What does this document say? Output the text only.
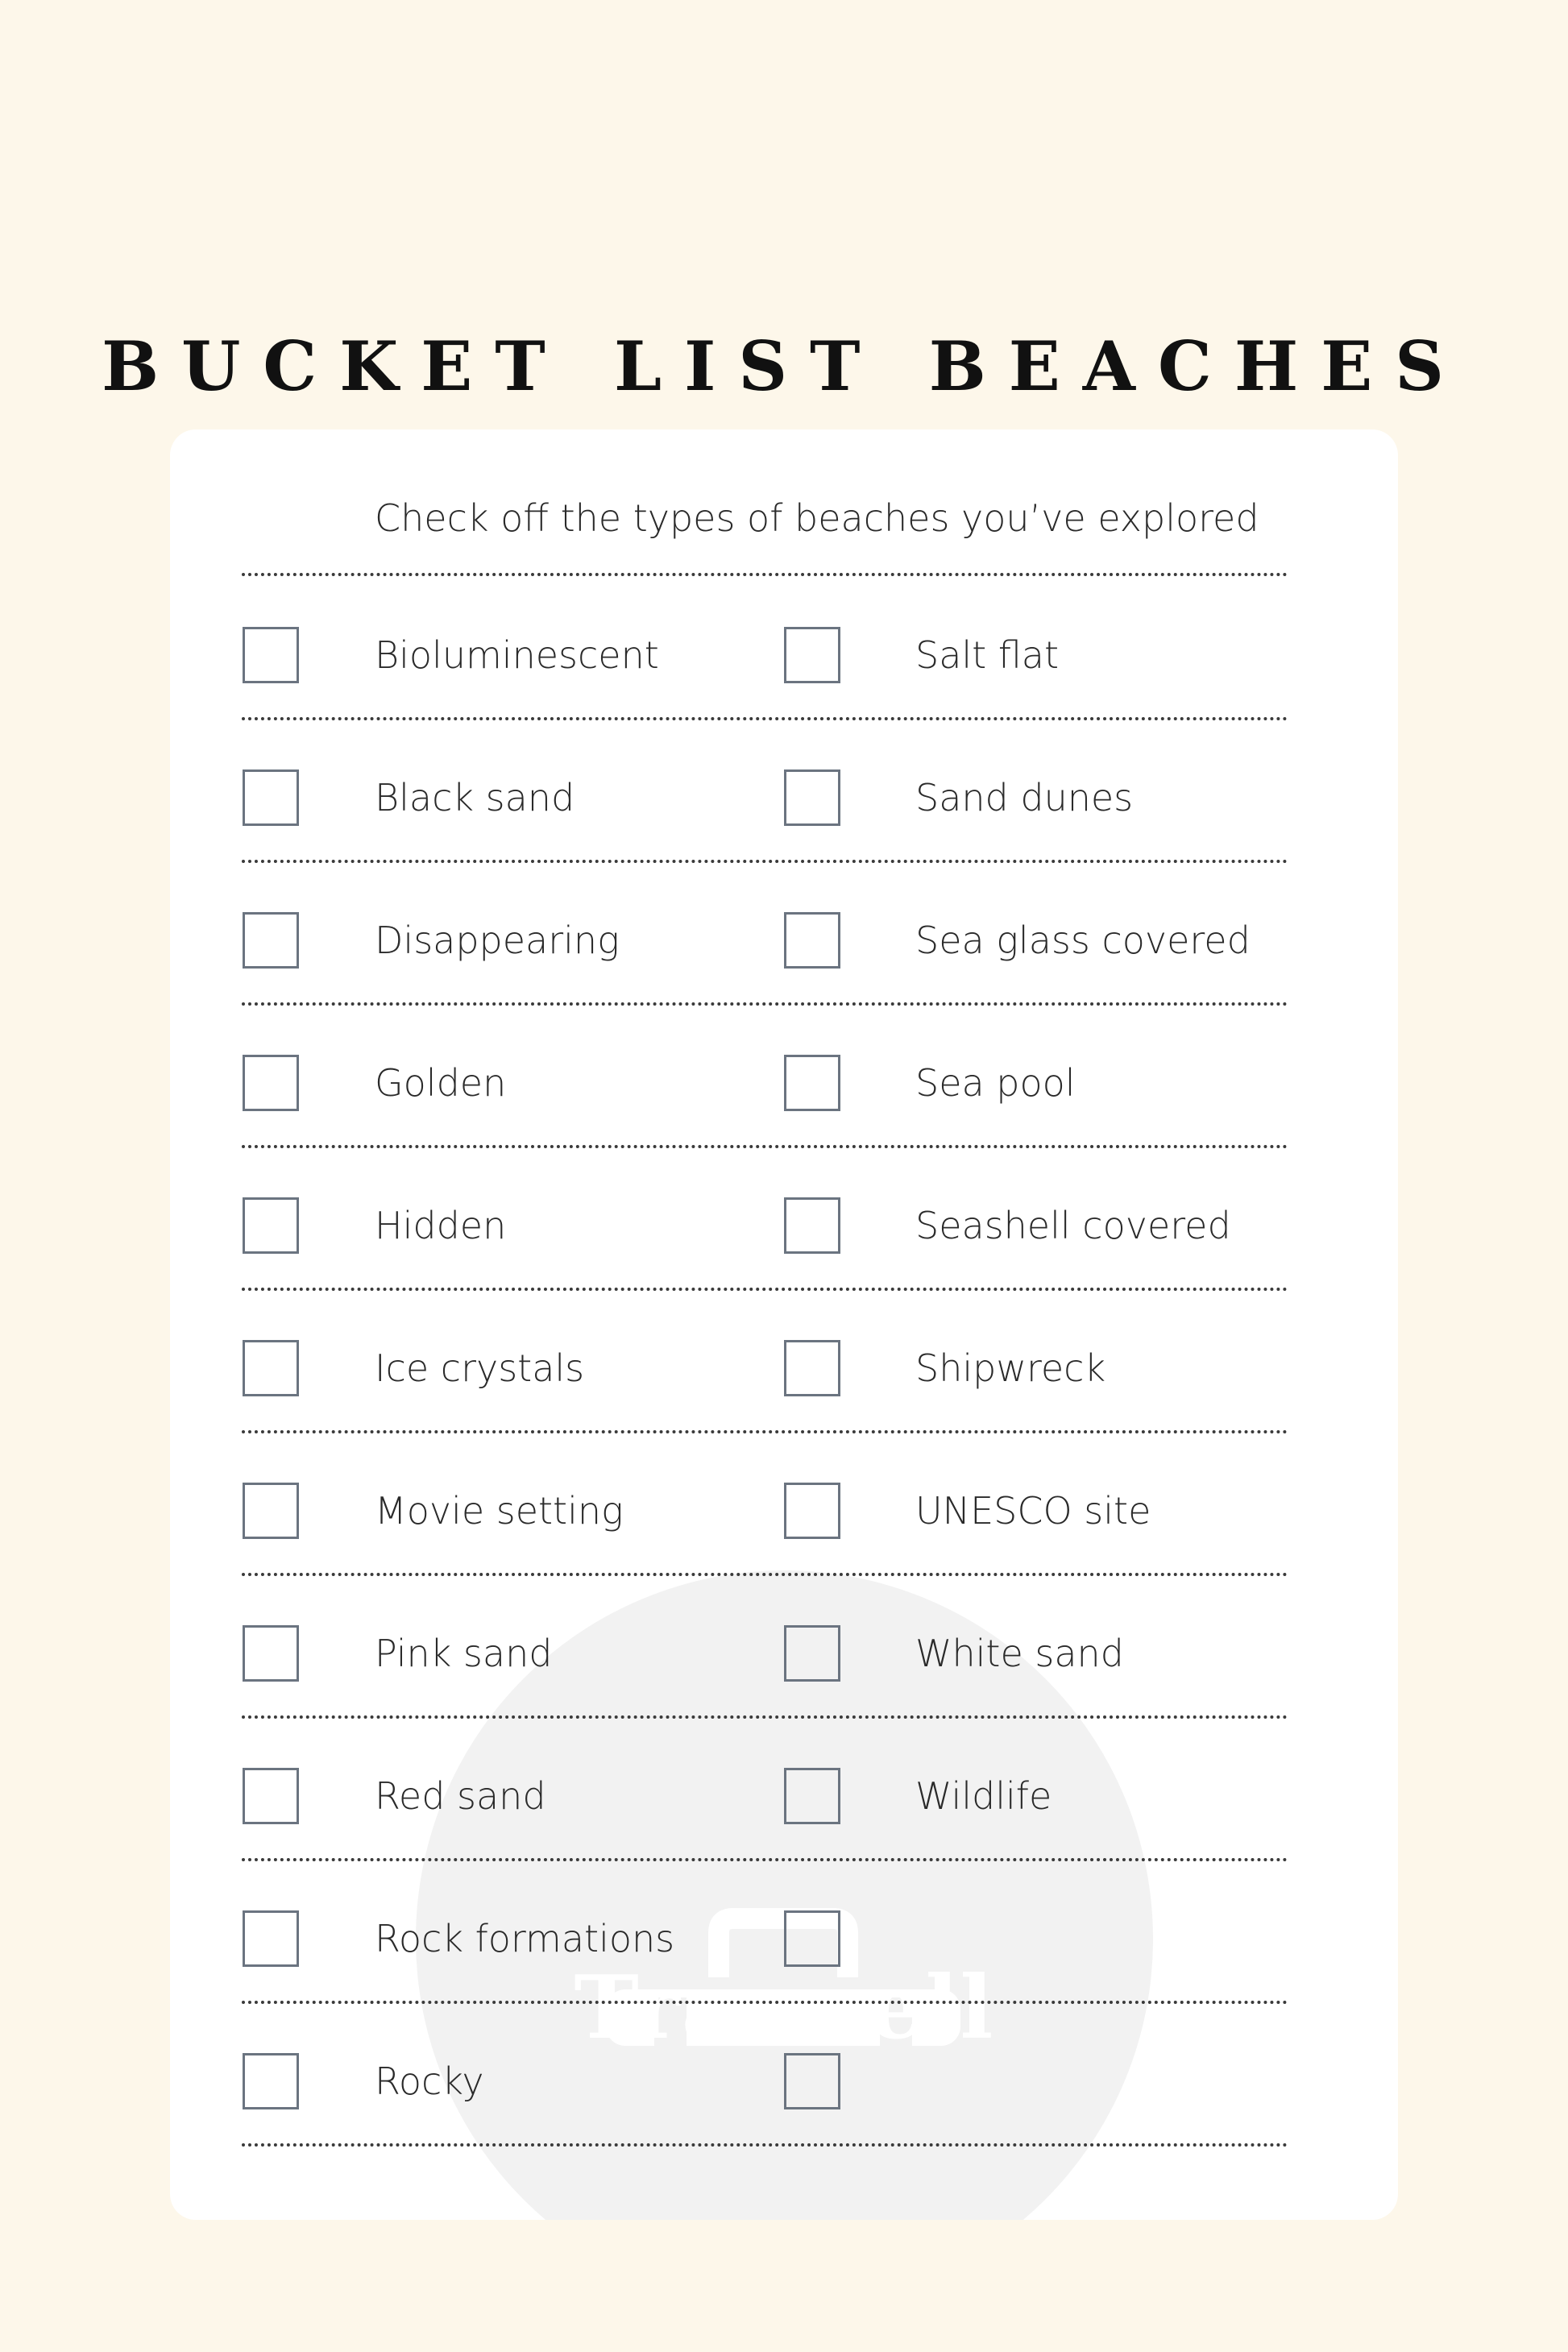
BUCKET LIST BEACHES
Travwell
Check off the types of beaches you’ve explored
Bioluminescent	Salt flat
Black sand	Sand dunes
Disappearing	Sea glass covered
Golden	Sea pool
Hidden	Seashell covered
Ice crystals	Shipwreck
Movie setting	UNESCO site
Pink sand	White sand
Red sand	Wildlife
Rock formations
Rocky
